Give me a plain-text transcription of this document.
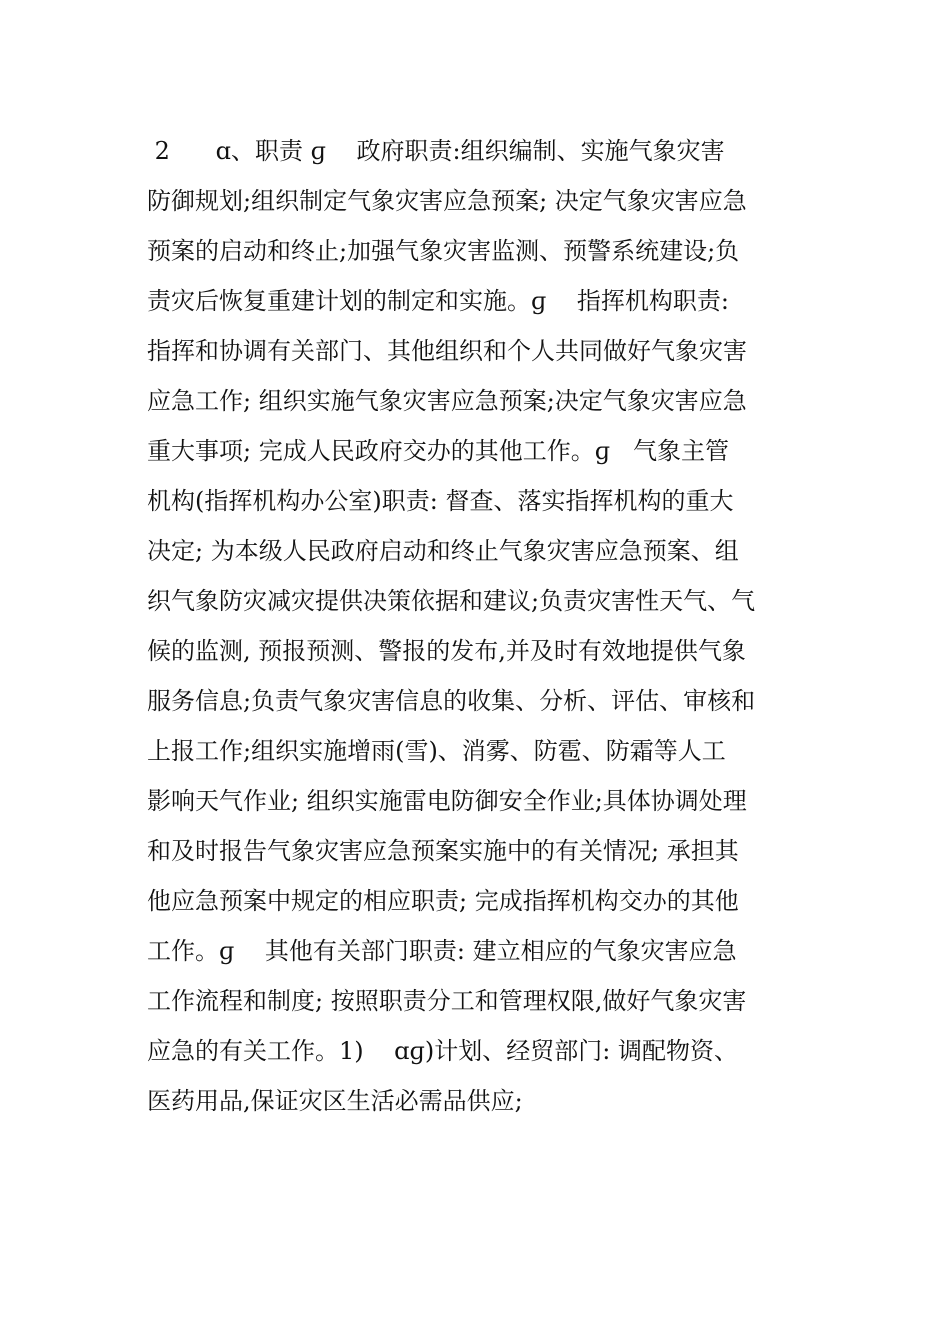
2      ɑ、职责 ɡ    政府职责:组织编制、实施气象灾害
防御规划;组织制定气象灾害应急预案; 决定气象灾害应急
预案的启动和终止;加强气象灾害监测、预警系统建设;负
责灾后恢复重建计划的制定和实施。ɡ    指挥机构职责:
指挥和协调有关部门、其他组织和个人共同做好气象灾害
应急工作; 组织实施气象灾害应急预案;决定气象灾害应急
重大事项; 完成人民政府交办的其他工作。ɡ   气象主管
机构(指挥机构办公室)职责: 督查、落实指挥机构的重大
决定; 为本级人民政府启动和终止气象灾害应急预案、组
织气象防灾减灾提供决策依据和建议;负责灾害性天气、气
候的监测, 预报预测、警报的发布,并及时有效地提供气象
服务信息;负责气象灾害信息的收集、分析、评估、审核和
上报工作;组织实施增雨(雪)、消雾、防雹、防霜等人工
影响天气作业; 组织实施雷电防御安全作业;具体协调处理
和及时报告气象灾害应急预案实施中的有关情况; 承担其
他应急预案中规定的相应职责; 完成指挥机构交办的其他
工作。ɡ    其他有关部门职责: 建立相应的气象灾害应急
工作流程和制度; 按照职责分工和管理权限,做好气象灾害
应急的有关工作。1)    ɑɡ)计划、经贸部门: 调配物资、
医药用品,保证灾区生活必需品供应;
